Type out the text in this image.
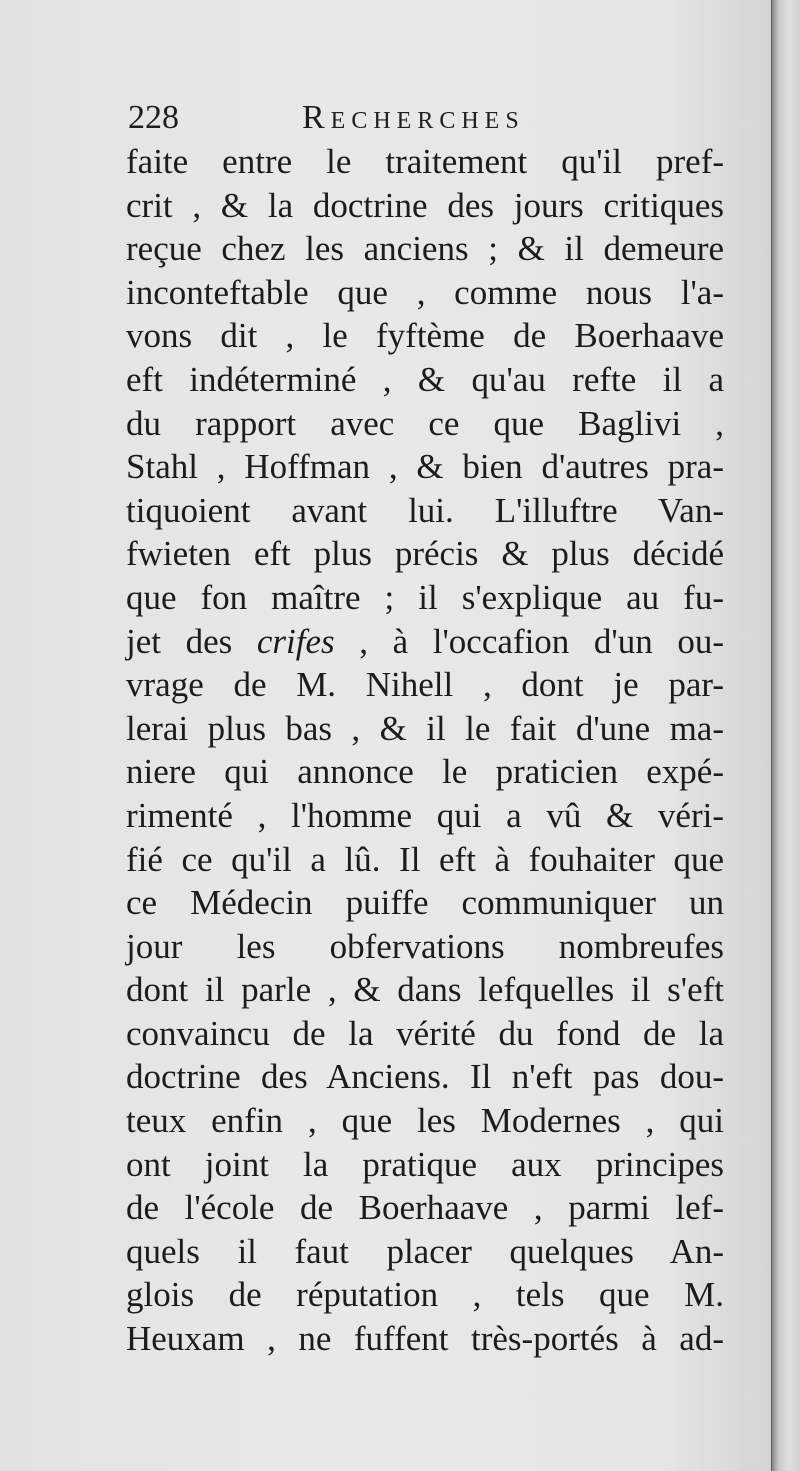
228	Recherches
faite entre le traitement qu'il pref-
crit , & la doctrine des jours critiques
reçue chez les anciens ; & il demeure
inconteftable que , comme nous l'a-
vons dit , le fyftème de Boerhaave
eft indéterminé , & qu'au refte il a
du rapport avec ce que Baglivi ,
Stahl , Hoffman , & bien d'autres pra-
tiquoient avant lui. L'illuftre Van-
fwieten eft plus précis & plus décidé
que fon maître ; il s'explique au fu-
jet des crifes , à l'occafion d'un ou-
vrage de M. Nihell , dont je par-
lerai plus bas , & il le fait d'une ma-
niere qui annonce le praticien expé-
rimenté , l'homme qui a vû & véri-
fié ce qu'il a lû. Il eft à fouhaiter que
ce Médecin puiffe communiquer un
jour les obfervations nombreufes
dont il parle , & dans lefquelles il s'eft
convaincu de la vérité du fond de la
doctrine des Anciens. Il n'eft pas dou-
teux enfin , que les Modernes , qui
ont joint la pratique aux principes
de l'école de Boerhaave , parmi lef-
quels il faut placer quelques An-
glois de réputation , tels que M.
Heuxam , ne fuffent très-portés à ad-
